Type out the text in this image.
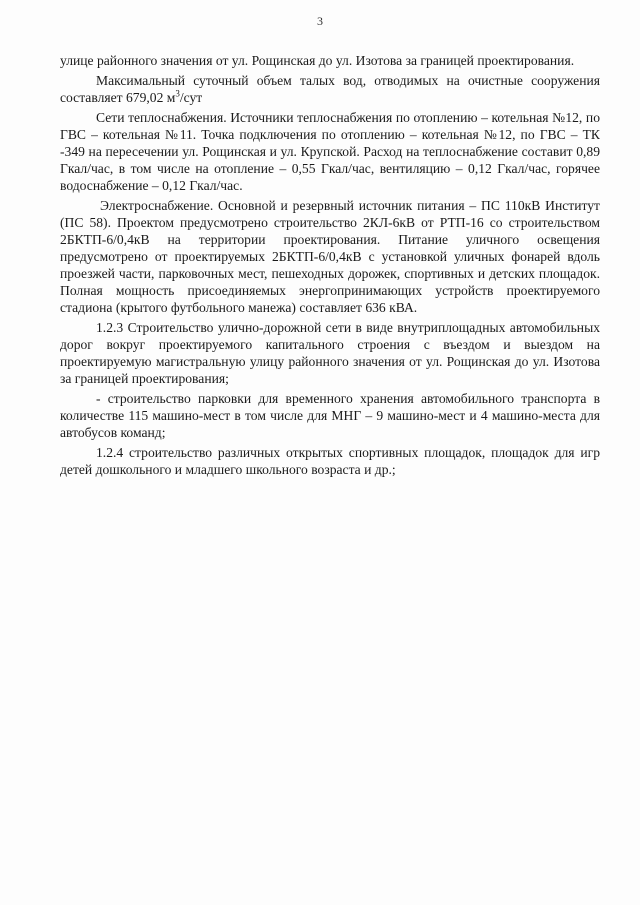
3

улице районного значения от ул. Рощинская до ул. Изотова за границей проектирования.

Максимальный суточный объем талых вод, отводимых на очистные сооружения составляет 679,02 $м^3$/сут

Сети теплоснабжения. Источники теплоснабжения по отоплению – котельная №12, по ГВС – котельная №11. Точка подключения по отоплению – котельная №12, по ГВС – ТК -349 на пересечении ул. Рощинская и ул. Крупской. Расход на теплоснабжение составит 0,89 Гкал/час, в том числе на отопление – 0,55 Гкал/час, вентиляцию – 0,12 Гкал/час, горячее водоснабжение – 0,12 Гкал/час.

Электроснабжение. Основной и резервный источник питания – ПС 110кВ Институт (ПС 58). Проектом предусмотрено строительство 2КЛ-6кВ от РТП-16 со строительством 2БКТП-6/0,4кВ на территории проектирования. Питание уличного освещения предусмотрено от проектируемых 2БКТП-6/0,4кВ с установкой уличных фонарей вдоль проезжей части, парковочных мест, пешеходных дорожек, спортивных и детских площадок. Полная мощность присоединяемых энергопринимающих устройств проектируемого стадиона (крытого футбольного манежа) составляет 636 кВА.

1.2.3 Строительство улично-дорожной сети в виде внутриплощадных автомобильных дорог вокруг проектируемого капитального строения с въездом и выездом на проектируемую магистральную улицу районного значения от ул. Рощинская до ул. Изотова за границей проектирования;

- строительство парковки для временного хранения автомобильного транспорта в количестве 115 машино-мест в том числе для МНГ – 9 машино-мест и 4 машино-места для автобусов команд;

1.2.4 строительство различных открытых спортивных площадок, площадок для игр детей дошкольного и младшего школьного возраста и др.;
